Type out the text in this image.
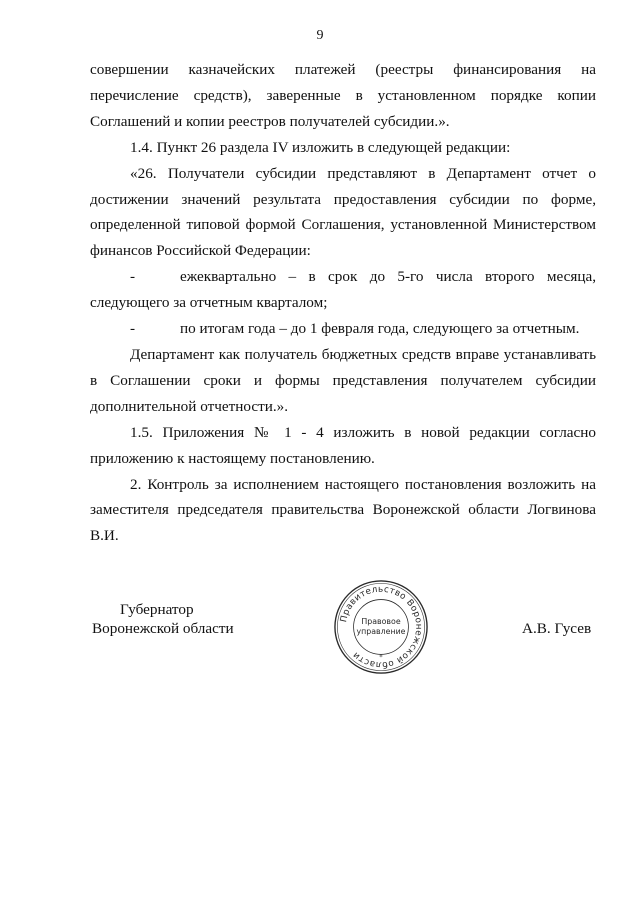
9

совершении казначейских платежей (реестры финансирования на перечисление средств), заверенные в установленном порядке копии Соглашений и копии реестров получателей субсидии.».

1.4. Пункт 26 раздела IV изложить в следующей редакции:

«26. Получатели субсидии представляют в Департамент отчет о достижении значений результата предоставления субсидии по форме, определенной типовой формой Соглашения, установленной Министерством финансов Российской Федерации:

-	ежеквартально – в срок до 5-го числа второго месяца,

следующего за отчетным кварталом;

-	по итогам года – до 1 февраля года, следующего за отчетным.

Департамент как получатель бюджетных средств вправе устанавливать в Соглашении сроки и формы представления получателем субсидии дополнительной отчетности.».

1.5. Приложения № 1 - 4 изложить в новой редакции согласно приложению к настоящему постановлению.

2. Контроль за исполнением настоящего постановления возложить на заместителя председателя правительства Воронежской области Логвинова В.И.

Губернатор
Воронежской области	А.В. Гусев
Правительство Воронежской области
Правовое
управление
*
